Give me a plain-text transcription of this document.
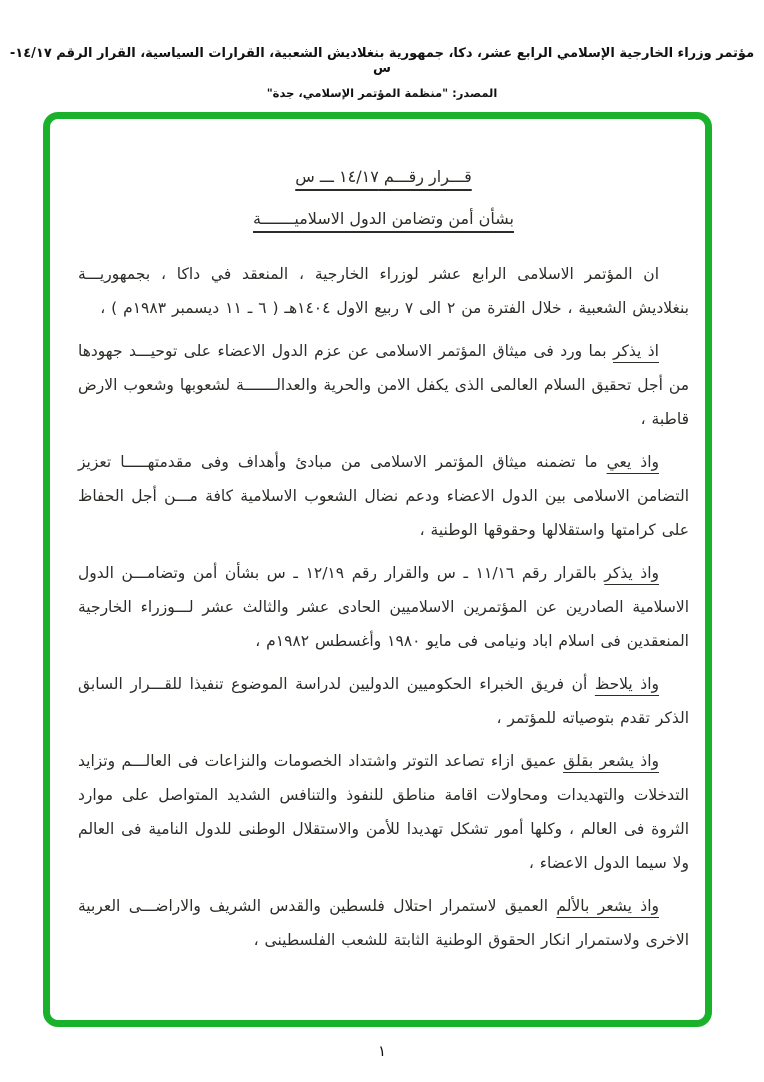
مؤتمر وزراء الخارجية الإسلامي الرابع عشر، دكا، جمهورية بنغلاديش الشعبية، القرارات السياسية، القرار الرقم ١٤/١٧- س
المصدر: "منظمة المؤتمر الإسلامي، جدة"
قـــرار رقـــم ١٤/١٧ ـــ س
بشأن أمن وتضامن الدول الاسلاميـــــــة

ان المؤتمر الاسلامى الرابع عشر لوزراء الخارجية ، المنعقد في داكا ، بجمهوريـــة بنغلاديش الشعبية ، خلال الفترة من ٢ الى ٧ ربيع الاول ١٤٠٤هـ ( ٦ ـ ١١ ديسمبر ١٩٨٣م ) ،

اذ يذكر بما ورد فى ميثاق المؤتمر الاسلامى عن عزم الدول الاعضاء على توحيـــد جهودها من أجل تحقيق السلام العالمى الذى يكفل الامن والحرية والعدالـــــــة لشعوبها وشعوب الارض قاطبة ،

واذ يعي ما تضمنه ميثاق المؤتمر الاسلامى من مبادئ وأهداف وفى مقدمتهـــــا تعزيز التضامن الاسلامى بين الدول الاعضاء ودعم نضال الشعوب الاسلامية كافة مـــن أجل الحفاظ على كرامتها واستقلالها وحقوقها الوطنية ،

واذ يذكر بالقرار رقم ١١/١٦ ـ س والقرار رقم ١٢/١٩ ـ س بشأن أمن وتضامـــن الدول الاسلامية الصادرين عن المؤتمرين الاسلاميين الحادى عشر والثالث عشر لـــوزراء الخارجية المنعقدين فى اسلام اباد ونيامى فى مايو ١٩٨٠ وأغسطس ١٩٨٢م ،

واذ يلاحظ أن فريق الخبراء الحكوميين الدوليين لدراسة الموضوع تنفيذا للقـــرار السابق الذكر تقدم بتوصياته للمؤتمر ،

واذ يشعر بقلق عميق ازاء تصاعد التوتر واشتداد الخصومات والنزاعات فى العالـــم وتزايد التدخلات والتهديدات ومحاولات اقامة مناطق للنفوذ والتنافس الشديد المتواصل على موارد الثروة فى العالم ، وكلها أمور تشكل تهديدا للأمن والاستقلال الوطنى للدول النامية فى العالم ولا سيما الدول الاعضاء ،

واذ يشعر بالألم العميق لاستمرار احتلال فلسطين والقدس الشريف والاراضـــى العربية الاخرى ولاستمرار انكار الحقوق الوطنية الثابتة للشعب الفلسطينى ،

١
